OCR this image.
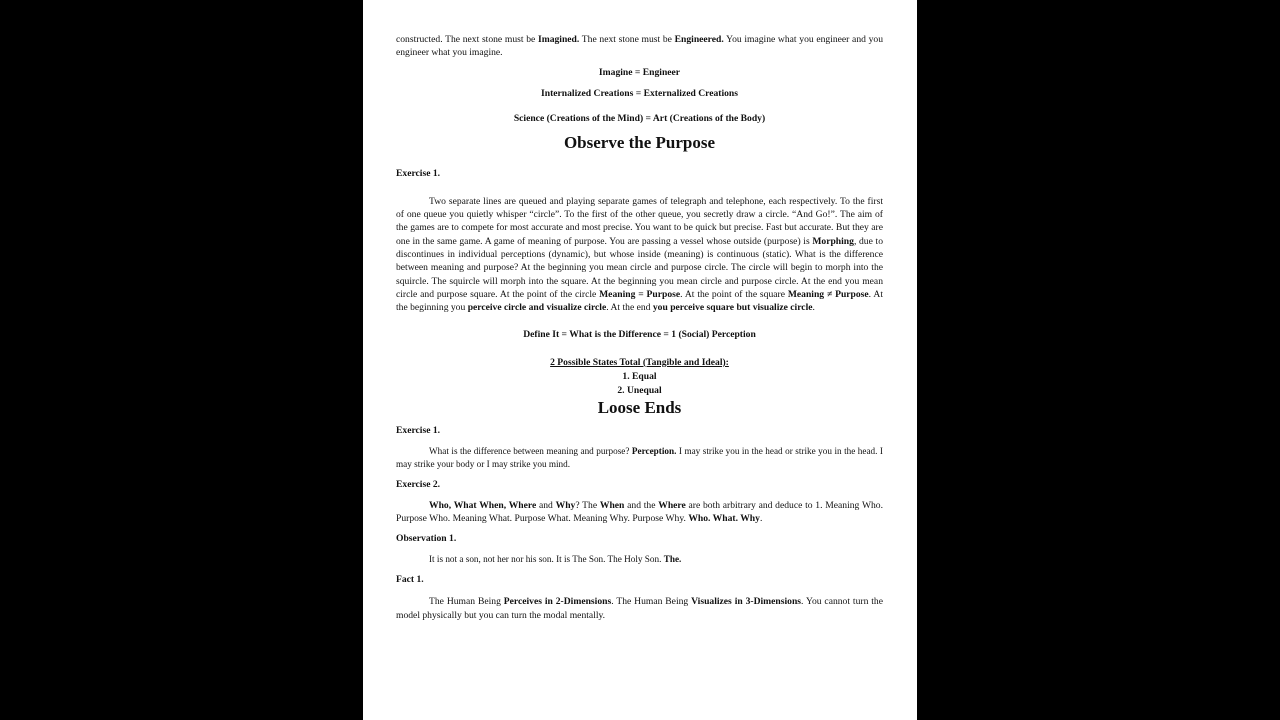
constructed. The next stone must be Imagined. The next stone must be Engineered. You imagine what you engineer and you engineer what you imagine.

Imagine = Engineer

Internalized Creations = Externalized Creations

Science (Creations of the Mind) = Art (Creations of the Body)

Observe the Purpose

Exercise 1.

Two separate lines are queued and playing separate games of telegraph and telephone, each respectively. To the first of one queue you quietly whisper “circle”. To the first of the other queue, you secretly draw a circle. “And Go!”. The aim of the games are to compete for most accurate and most precise. You want to be quick but precise. Fast but accurate. But they are one in the same game. A game of meaning of purpose. You are passing a vessel whose outside (purpose) is Morphing, due to discontinues in individual perceptions (dynamic), but whose inside (meaning) is continuous (static). What is the difference between meaning and purpose? At the beginning you mean circle and purpose circle. The circle will begin to morph into the squircle. The squircle will morph into the square. At the beginning you mean circle and purpose circle. At the end you mean circle and purpose square. At the point of the circle Meaning = Purpose. At the point of the square Meaning ≠ Purpose. At the beginning you perceive circle and visualize circle. At the end you perceive square but visualize circle.

Define It = What is the Difference = 1 (Social) Perception

2 Possible States Total (Tangible and Ideal):

1. Equal

2. Unequal

Loose Ends

Exercise 1.

What is the difference between meaning and purpose? Perception. I may strike you in the head or strike you in the head. I may strike your body or I may strike you mind.

Exercise 2.

Who, What When, Where and Why? The When and the Where are both arbitrary and deduce to 1. Meaning Who. Purpose Who. Meaning What. Purpose What. Meaning Why. Purpose Why. Who. What. Why.

Observation 1.

It is not a son, not her nor his son. It is The Son. The Holy Son. The.

Fact 1.

The Human Being Perceives in 2-Dimensions. The Human Being Visualizes in 3-Dimensions. You cannot turn the model physically but you can turn the modal mentally.
